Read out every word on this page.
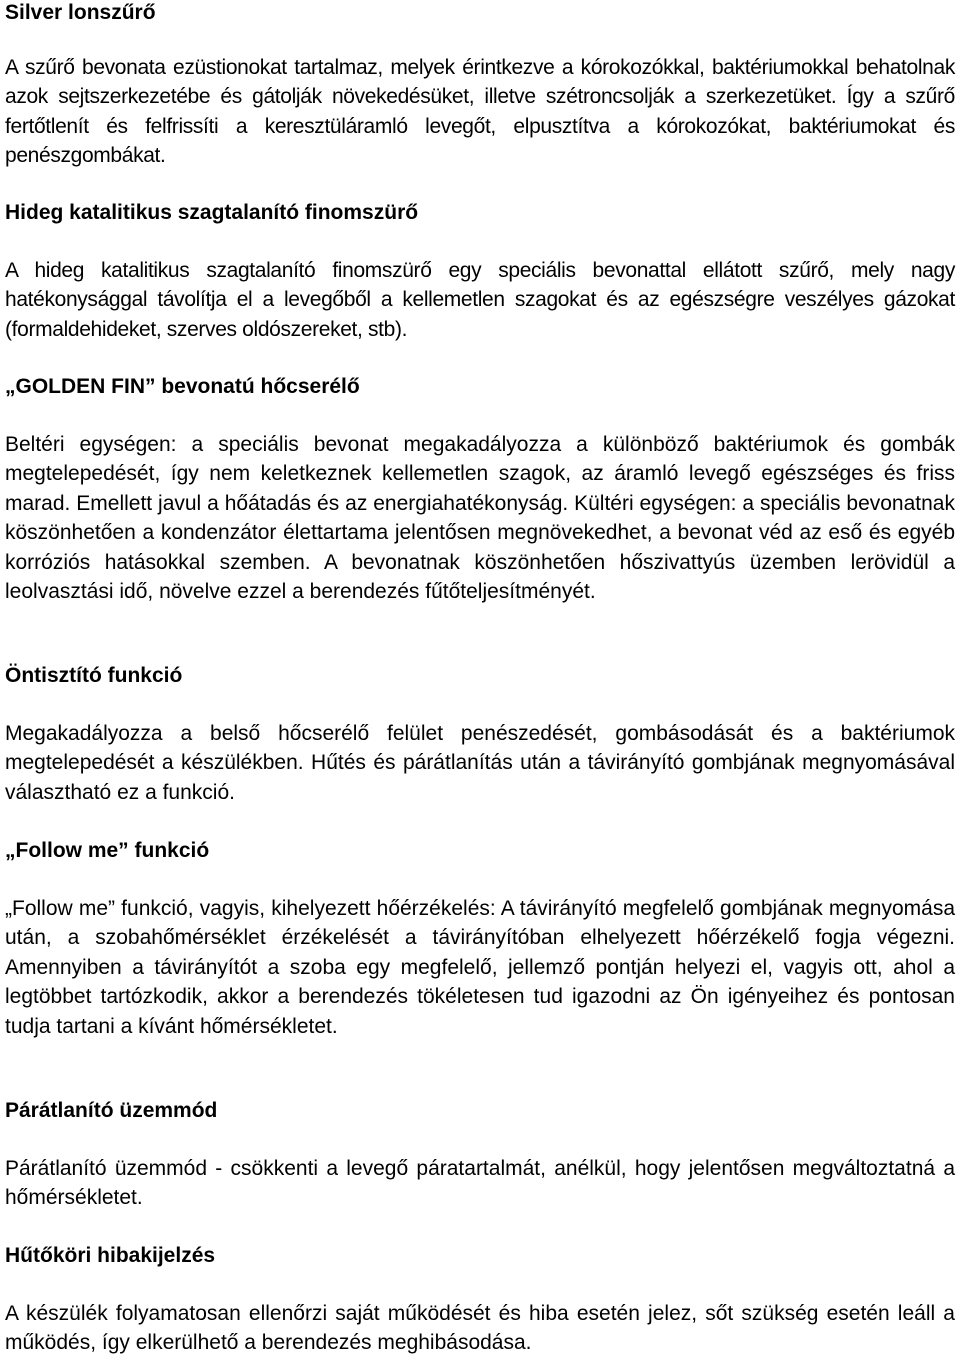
Silver lonszűrő

A szűrő bevonata ezüstionokat tartalmaz, melyek érintkezve a kórokozókkal, baktériumokkal behatolnak azok sejtszerkezetébe és gátolják növekedésüket, illetve szétroncsolják a szerkezetüket. Így a szűrő fertőtlenít és felfrissíti a keresztüláramló levegőt, elpusztítva a kórokozókat, baktériumokat és penészgombákat.

Hideg katalitikus szagtalanító finomszürő

A hideg katalitikus szagtalanító finomszürő egy speciális bevonattal ellátott szűrő, mely nagy hatékonysággal távolítja el a levegőből a kellemetlen szagokat és az egészségre veszélyes gázokat (formaldehideket, szerves oldószereket, stb).

„GOLDEN FIN” bevonatú hőcserélő

Beltéri egységen: a speciális bevonat megakadályozza a különböző baktériumok és gombák megtelepedését, így nem keletkeznek kellemetlen szagok, az áramló levegő egészséges és friss marad. Emellett javul a hőátadás és az energiahatékonyság. Kültéri egységen: a speciális bevonatnak köszönhetően a kondenzátor élettartama jelentősen megnövekedhet, a bevonat véd az eső és egyéb korróziós hatásokkal szemben. A bevonatnak köszönhetően hőszivattyús üzemben lerövidül a leolvasztási idő, növelve ezzel a berendezés fűtőteljesítményét.

Öntisztító funkció

Megakadályozza a belső hőcserélő felület penészedését, gombásodását és a baktériumok megtelepedését a készülékben. Hűtés és párátlanítás után a távirányító gombjának megnyomásával választható ez a funkció.

„Follow me” funkció

„Follow me” funkció, vagyis, kihelyezett hőérzékelés: A távirányító megfelelő gombjának megnyomása után, a szobahőmérséklet érzékelését a távirányítóban elhelyezett hőérzékelő fogja végezni. Amennyiben a távirányítót a szoba egy megfelelő, jellemző pontján helyezi el, vagyis ott, ahol a legtöbbet tartózkodik, akkor a berendezés tökéletesen tud igazodni az Ön igényeihez és pontosan tudja tartani a kívánt hőmérsékletet.

Párátlanító üzemmód

Párátlanító üzemmód - csökkenti a levegő páratartalmát, anélkül, hogy jelentősen megváltoztatná a hőmérsékletet.

Hűtőköri hibakijelzés

A készülék folyamatosan ellenőrzi saját működését és hiba esetén jelez, sőt szükség esetén leáll a működés, így elkerülhető a berendezés meghibásodása.
